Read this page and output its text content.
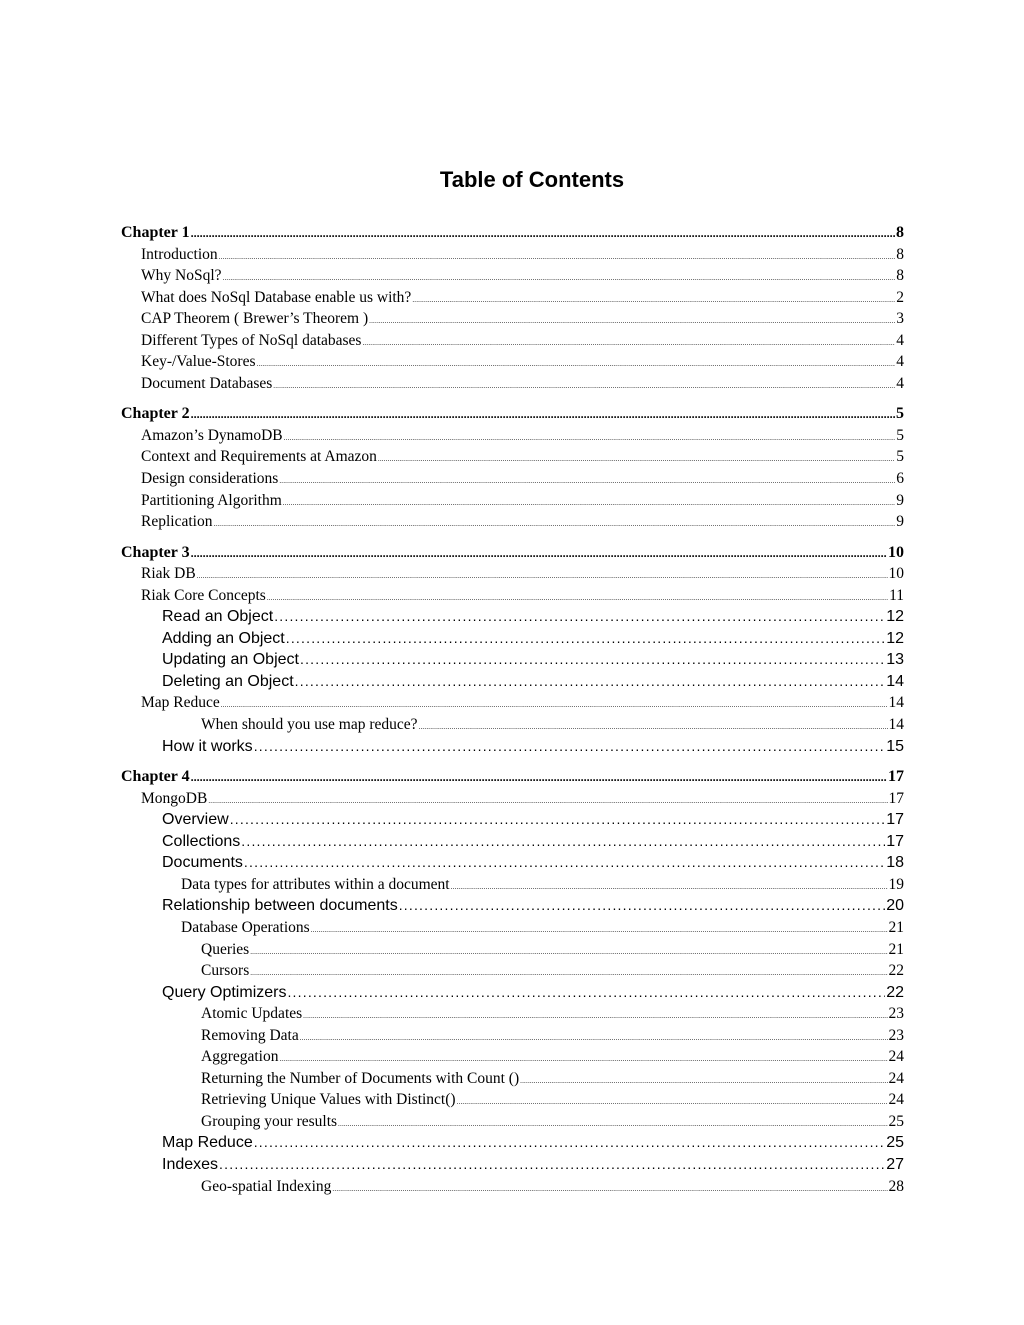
Table of Contents
Chapter 1 .....	8
Introduction .....	8
Why NoSql? .....	8
What does NoSql Database enable us with? .....	2
CAP Theorem ( Brewer’s Theorem ) .....	3
Different Types of NoSql databases .....	4
Key-/Value-Stores .....	4
Document Databases .....	4
Chapter 2 .....	5
Amazon’s DynamoDB .....	5
Context and Requirements at Amazon .....	5
Design considerations .....	6
Partitioning Algorithm .....	9
Replication .....	9
Chapter 3 .....	10
Riak DB .....	10
Riak Core Concepts .....	11
Read an Object .....	12
Adding an Object .....	12
Updating an Object .....	13
Deleting an Object .....	14
Map Reduce .....	14
When should you use map reduce? .....	14
How it works .....	15
Chapter 4 .....	17
MongoDB .....	17
Overview .....	17
Collections .....	17
Documents .....	18
Data types for attributes within a document .....	19
Relationship between documents .....	20
Database Operations .....	21
Queries .....	21
Cursors .....	22
Query Optimizers .....	22
Atomic Updates .....	23
Removing Data .....	23
Aggregation .....	24
Returning the Number of Documents with Count () .....	24
Retrieving Unique Values with Distinct() .....	24
Grouping your results .....	25
Map Reduce .....	25
Indexes .....	27
Geo-spatial Indexing .....	28
